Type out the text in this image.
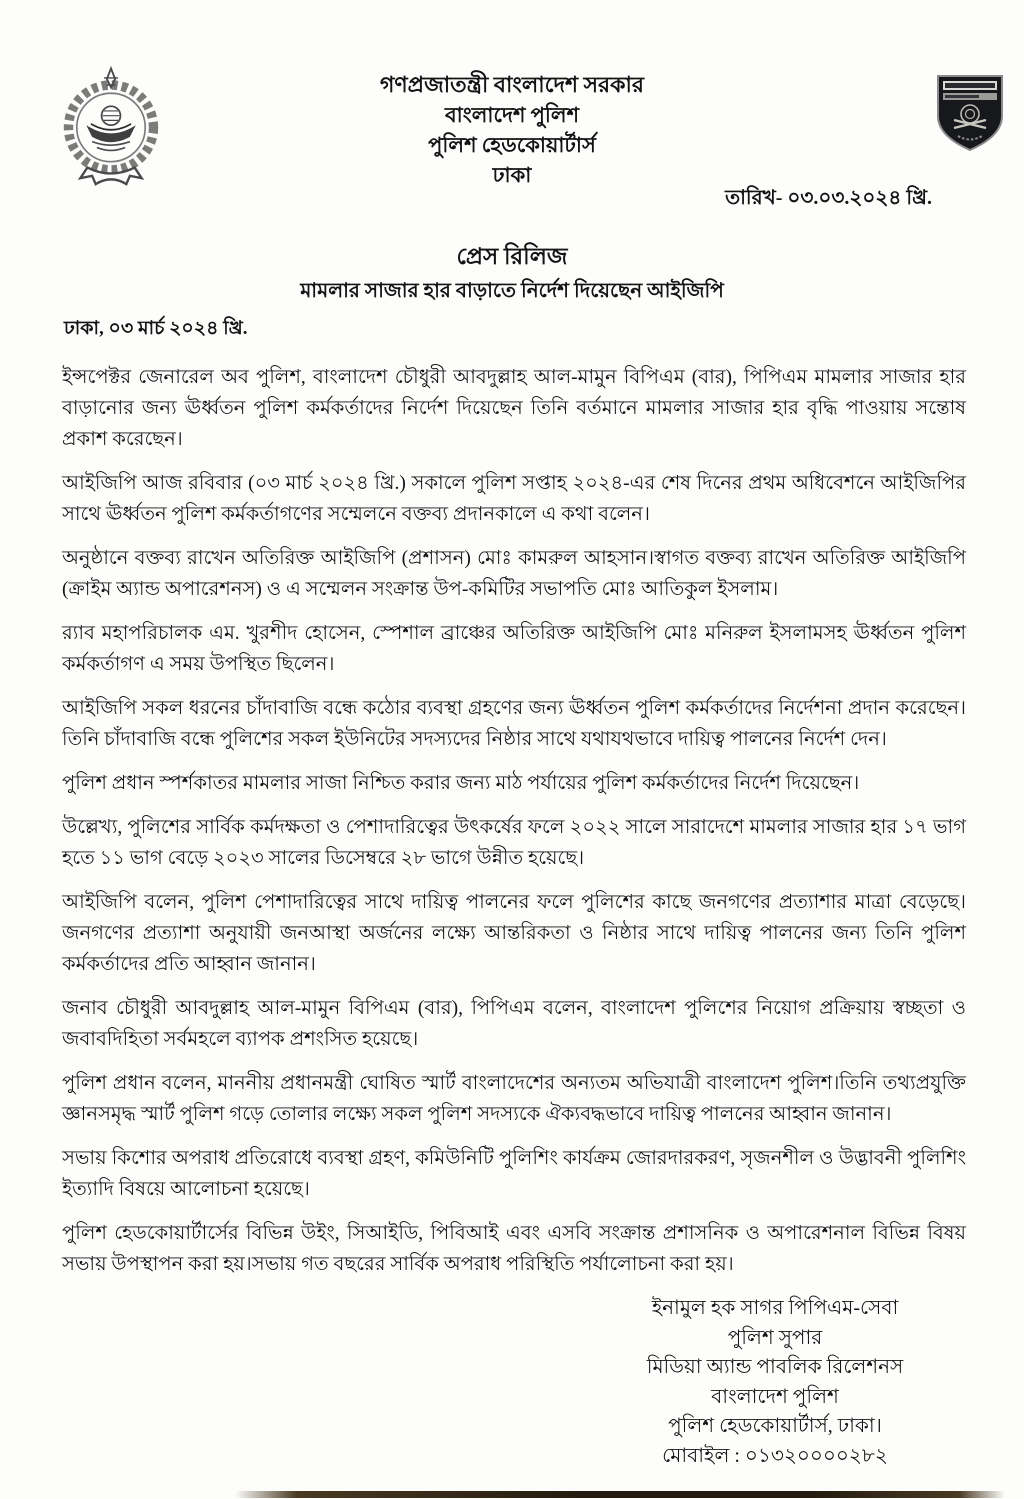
গণপ্রজাতন্ত্রী বাংলাদেশ সরকার
বাংলাদেশ পুলিশ
পুলিশ হেডকোয়ার্টার্স
ঢাকা
তারিখ- ০৩.০৩.২০২৪ খ্রি.
প্রেস রিলিজ
মামলার সাজার হার বাড়াতে নির্দেশ দিয়েছেন আইজিপি
ঢাকা, ০৩ মার্চ ২০২৪ খ্রি.

ইন্সপেক্টর জেনারেল অব পুলিশ, বাংলাদেশ চৌধুরী আবদুল্লাহ আল-মামুন বিপিএম (বার), পিপিএম মামলার সাজার হার বাড়ানোর জন্য ঊর্ধ্বতন পুলিশ কর্মকর্তাদের নির্দেশ দিয়েছেন তিনি বর্তমানে মামলার সাজার হার বৃদ্ধি পাওয়ায় সন্তোষ প্রকাশ করেছেন।

আইজিপি আজ রবিবার (০৩ মার্চ ২০২৪ খ্রি.) সকালে পুলিশ সপ্তাহ ২০২৪-এর শেষ দিনের প্রথম অধিবেশনে আইজিপির সাথে ঊর্ধ্বতন পুলিশ কর্মকর্তাগণের সম্মেলনে বক্তব্য প্রদানকালে এ কথা বলেন।

অনুষ্ঠানে বক্তব্য রাখেন অতিরিক্ত আইজিপি (প্রশাসন) মোঃ কামরুল আহসান।স্বাগত বক্তব্য রাখেন অতিরিক্ত আইজিপি (ক্রাইম অ্যান্ড অপারেশনস) ও এ সম্মেলন সংক্রান্ত উপ-কমিটির সভাপতি মোঃ আতিকুল ইসলাম।

র‍্যাব মহাপরিচালক এম. খুরশীদ হোসেন, স্পেশাল ব্রাঞ্চের অতিরিক্ত আইজিপি মোঃ মনিরুল ইসলামসহ ঊর্ধ্বতন পুলিশ কর্মকর্তাগণ এ সময় উপস্থিত ছিলেন।

আইজিপি সকল ধরনের চাঁদাবাজি বন্ধে কঠোর ব্যবস্থা গ্রহণের জন্য ঊর্ধ্বতন পুলিশ কর্মকর্তাদের নির্দেশনা প্রদান করেছেন।তিনি চাঁদাবাজি বন্ধে পুলিশের সকল ইউনিটের সদস্যদের নিষ্ঠার সাথে যথাযথভাবে দায়িত্ব পালনের নির্দেশ দেন।

পুলিশ প্রধান স্পর্শকাতর মামলার সাজা নিশ্চিত করার জন্য মাঠ পর্যায়ের পুলিশ কর্মকর্তাদের নির্দেশ দিয়েছেন।

উল্লেখ্য, পুলিশের সার্বিক কর্মদক্ষতা ও পেশাদারিত্বের উৎকর্ষের ফলে ২০২২ সালে সারাদেশে মামলার সাজার হার ১৭ ভাগ হতে ১১ ভাগ বেড়ে ২০২৩ সালের ডিসেম্বরে ২৮ ভাগে উন্নীত হয়েছে।

আইজিপি বলেন, পুলিশ পেশাদারিত্বের সাথে দায়িত্ব পালনের ফলে পুলিশের কাছে জনগণের প্রত্যাশার মাত্রা বেড়েছে।জনগণের প্রত্যাশা অনুযায়ী জনআস্থা অর্জনের লক্ষ্যে আন্তরিকতা ও নিষ্ঠার সাথে দায়িত্ব পালনের জন্য তিনি পুলিশ কর্মকর্তাদের প্রতি আহ্বান জানান।

জনাব চৌধুরী আবদুল্লাহ আল-মামুন বিপিএম (বার), পিপিএম বলেন, বাংলাদেশ পুলিশের নিয়োগ প্রক্রিয়ায় স্বচ্ছতা ও জবাবদিহিতা সর্বমহলে ব্যাপক প্রশংসিত হয়েছে।

পুলিশ প্রধান বলেন, মাননীয় প্রধানমন্ত্রী ঘোষিত স্মার্ট বাংলাদেশের অন্যতম অভিযাত্রী বাংলাদেশ পুলিশ।তিনি তথ্যপ্রযুক্তি জ্ঞানসমৃদ্ধ স্মার্ট পুলিশ গড়ে তোলার লক্ষ্যে সকল পুলিশ সদস্যকে ঐক্যবদ্ধভাবে দায়িত্ব পালনের আহ্বান জানান।

সভায় কিশোর অপরাধ প্রতিরোধে ব্যবস্থা গ্রহণ, কমিউনিটি পুলিশিং কার্যক্রম জোরদারকরণ, সৃজনশীল ও উদ্ভাবনী পুলিশিং ইত্যাদি বিষয়ে আলোচনা হয়েছে।

পুলিশ হেডকোয়ার্টার্সের বিভিন্ন উইং, সিআইডি, পিবিআই এবং এসবি সংক্রান্ত প্রশাসনিক ও অপারেশনাল বিভিন্ন বিষয় সভায় উপস্থাপন করা হয়।সভায় গত বছরের সার্বিক অপরাধ পরিস্থিতি পর্যালোচনা করা হয়।

ইনামুল হক সাগর পিপিএম-সেবা
পুলিশ সুপার
মিডিয়া অ্যান্ড পাবলিক রিলেশনস
বাংলাদেশ পুলিশ
পুলিশ হেডকোয়ার্টার্স, ঢাকা।
মোবাইল : ০১৩২০০০০২৮২
